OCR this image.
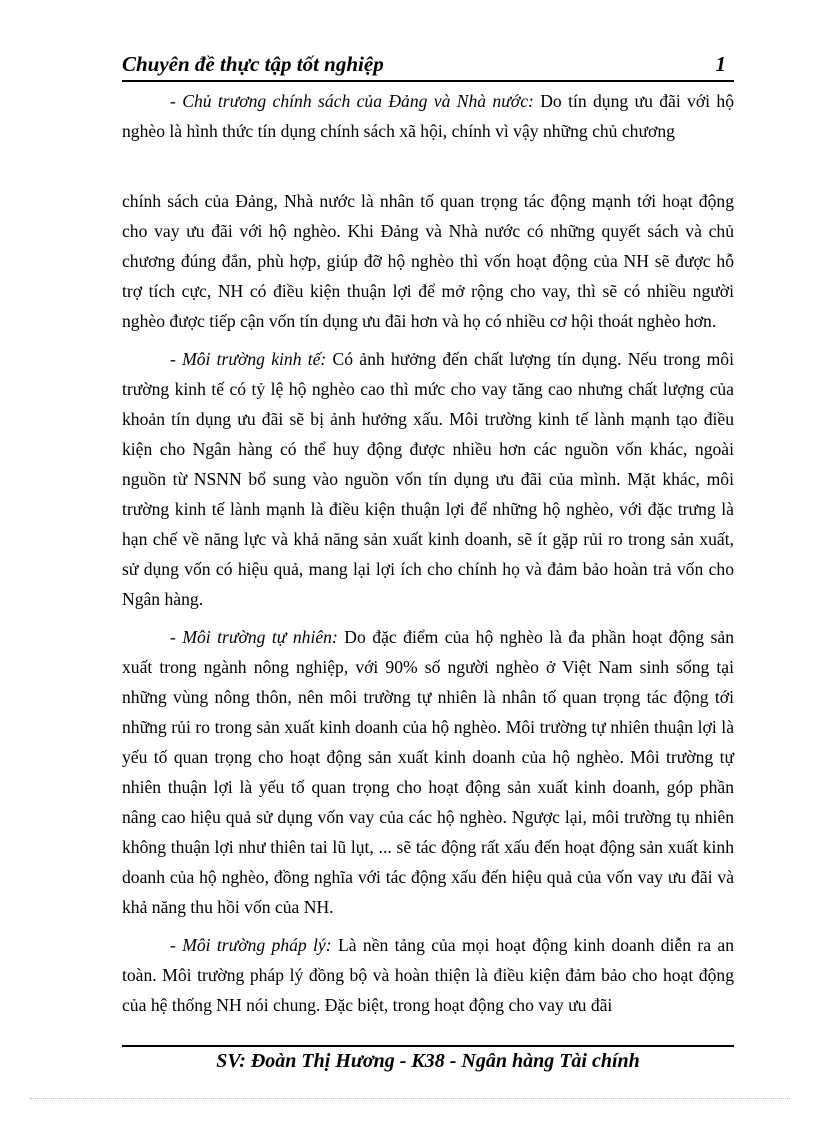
Chuyên đề thực tập tốt nghiệp	1

- Chủ trương chính sách của Đảng và Nhà nước: Do tín dụng ưu đãi với hộ nghèo là hình thức tín dụng chính sách xã hội, chính vì vậy những chủ chương

chính sách của Đảng, Nhà nước là nhân tố quan trọng tác động mạnh tới hoạt động cho vay ưu đãi với hộ nghèo. Khi Đảng và Nhà nước có những quyết sách và chủ chương đúng đắn, phù hợp, giúp đỡ hộ nghèo thì vốn hoạt động của NH sẽ được hỗ trợ tích cực, NH có điều kiện thuận lợi để mở rộng cho vay, thì sẽ có nhiều người nghèo được tiếp cận vốn tín dụng ưu đãi hơn và họ có nhiều cơ hội thoát nghèo hơn.

- Môi trường kinh tế: Có ảnh hưởng đến chất lượng tín dụng. Nếu trong môi trường kinh tế có tỷ lệ hộ nghèo cao thì mức cho vay tăng cao nhưng chất lượng của khoản tín dụng ưu đãi sẽ bị ảnh hưởng xấu. Môi trường kinh tế lành mạnh tạo điều kiện cho Ngân hàng có thể huy động được nhiều hơn các nguồn vốn khác, ngoài nguồn từ NSNN bổ sung vào nguồn vốn tín dụng ưu đãi của mình. Mặt khác, môi trường kinh tế lành mạnh là điều kiện thuận lợi để những hộ nghèo, với đặc trưng là hạn chế về năng lực và khả năng sản xuất kinh doanh, sẽ ít gặp rủi ro trong sản xuất, sử dụng vốn có hiệu quả, mang lại lợi ích cho chính họ và đảm bảo hoàn trả vốn cho Ngân hàng.

- Môi trường tự nhiên: Do đặc điểm của hộ nghèo là đa phần hoạt động sản xuất trong ngành nông nghiệp, với 90% số người nghèo ở Việt Nam sinh sống tại những vùng nông thôn, nên môi trường tự nhiên là nhân tố quan trọng tác động tới những rủi ro trong sản xuất kinh doanh của hộ nghèo. Môi trường tự nhiên thuận lợi là yếu tố quan trọng cho hoạt động sản xuất kinh doanh của hộ nghèo. Môi trường tự nhiên thuận lợi là yếu tố quan trọng cho hoạt động sản xuất kinh doanh, góp phần nâng cao hiệu quả sử dụng vốn vay của các hộ nghèo. Ngược lại, môi trường tụ nhiên không thuận lợi như thiên tai lũ lụt, ... sẽ tác động rất xấu đến hoạt động sản xuất kinh doanh của hộ nghèo, đồng nghĩa với tác động xấu đến hiệu quả của vốn vay ưu đãi và khả năng thu hồi vốn của NH.

- Môi trường pháp lý: Là nền tảng của mọi hoạt động kinh doanh diễn ra an toàn. Môi trường pháp lý đồng bộ và hoàn thiện là điều kiện đảm bảo cho hoạt động của hệ thống NH nói chung. Đặc biệt, trong hoạt động cho vay ưu đãi

SV: Đoàn Thị Hương - K38 - Ngân hàng Tài chính
